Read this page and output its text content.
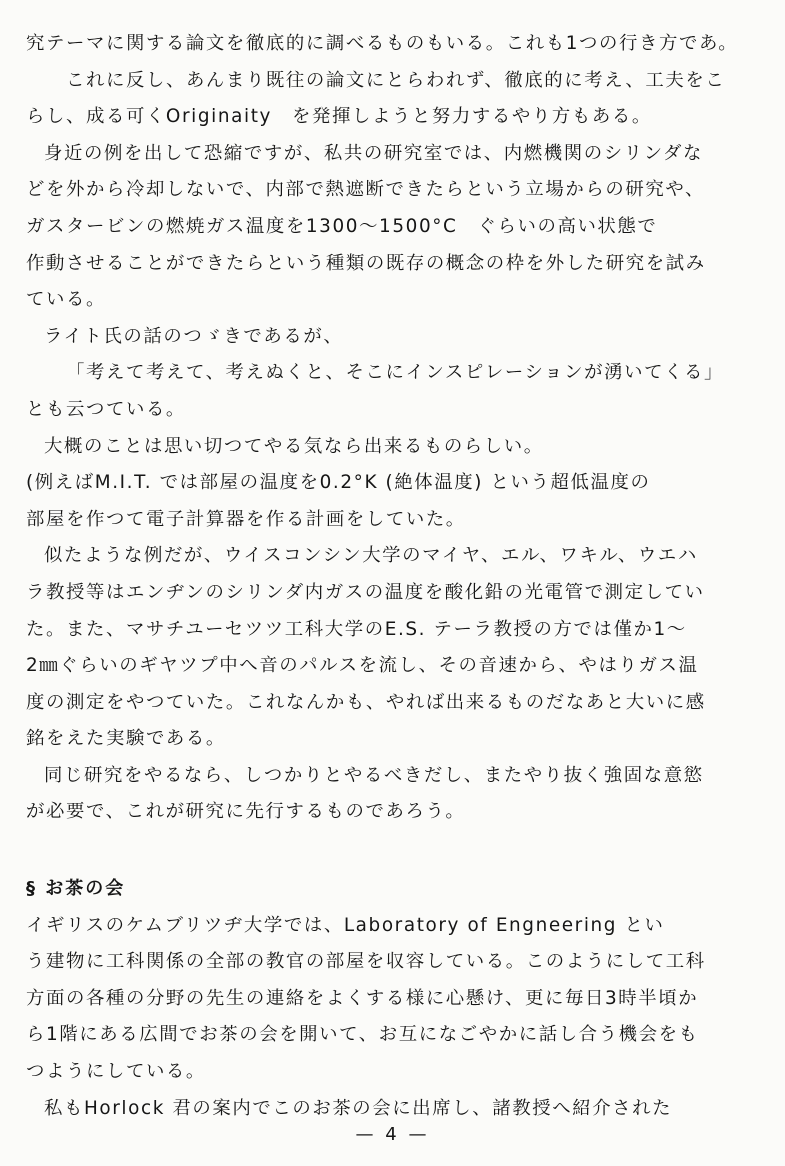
究テーマに関する論文を徹底的に調べるものもいる。これも1つの行き方であ。

これに反し、あんまり既往の論文にとらわれず、徹底的に考え、工夫をこ
らし、成る可くOriginaity　を発揮しようと努力するやり方もある。

身近の例を出して恐縮ですが、私共の研究室では、内燃機関のシリンダな
どを外から冷却しないで、内部で熱遮断できたらという立場からの研究や、
ガスタービンの燃焼ガス温度を1300〜1500°C　ぐらいの高い状態で
作動させることができたらという種類の既存の概念の枠を外した研究を試み
ている。

ライト氏の話のつゞきであるが、

「考えて考えて、考えぬくと、そこにインスピレーションが湧いてくる」
とも云つている。

大概のことは思い切つてやる気なら出来るものらしい。

(例えばM.I.T. では部屋の温度を0.2°K (絶体温度) という超低温度の
部屋を作つて電子計算器を作る計画をしていた。

似たような例だが、ウイスコンシン大学のマイヤ、エル、ワキル、ウエハ
ラ教授等はエンヂンのシリンダ内ガスの温度を酸化鉛の光電管で測定してい
た。また、マサチユーセツツ工科大学のE.S. テーラ教授の方では僅か1〜
2㎜ぐらいのギヤツプ中へ音のパルスを流し、その音速から、やはりガス温
度の測定をやつていた。これなんかも、やれば出来るものだなあと大いに感
銘をえた実験である。

同じ研究をやるなら、しつかりとやるべきだし、またやり抜く強固な意慾
が必要で、これが研究に先行するものであろう。

§ お茶の会

イギリスのケムブリツヂ大学では、Laboratory of Engneering とい
う建物に工科関係の全部の教官の部屋を収容している。このようにして工科
方面の各種の分野の先生の連絡をよくする様に心懸け、更に毎日3時半頃か
ら1階にある広間でお茶の会を開いて、お互になごやかに話し合う機会をも
つようにしている。

私もHorlock 君の案内でこのお茶の会に出席し、諸教授へ紹介された

— 4 —
